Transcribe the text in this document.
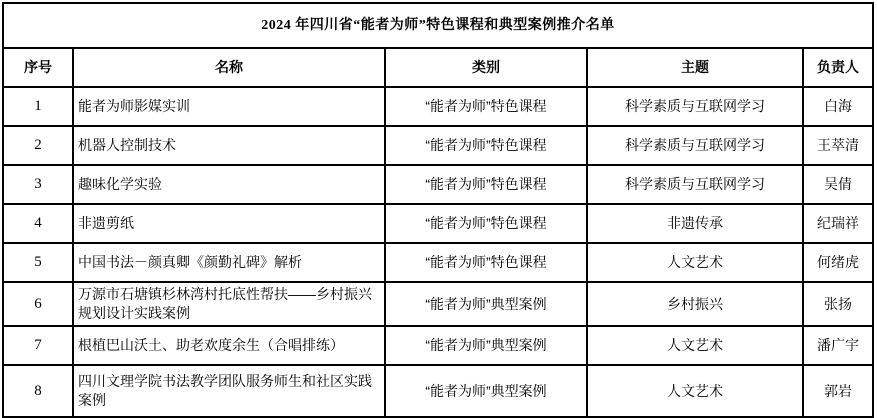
2024 年四川省“能者为师”特色课程和典型案例推介名单				
序号	名称	类别	主题	负责人
1	能者为师影媒实训	“能者为师”特色课程	科学素质与互联网学习	白海
2	机器人控制技术	“能者为师”特色课程	科学素质与互联网学习	王萃清
3	趣味化学实验	“能者为师”特色课程	科学素质与互联网学习	吴倩
4	非遗剪纸	“能者为师”特色课程	非遗传承	纪瑞祥
5	中国书法－颜真卿《颜勤礼碑》解析	“能者为师”特色课程	人文艺术	何绪虎
6	万源市石塘镇杉林湾村托底性帮扶——乡村振兴规划设计实践案例	“能者为师”典型案例	乡村振兴	张扬
7	根植巴山沃土、助老欢度余生（合唱排练）	“能者为师”典型案例	人文艺术	潘广宇
8	四川文理学院书法教学团队服务师生和社区实践案例	“能者为师”典型案例	人文艺术	郭岩
